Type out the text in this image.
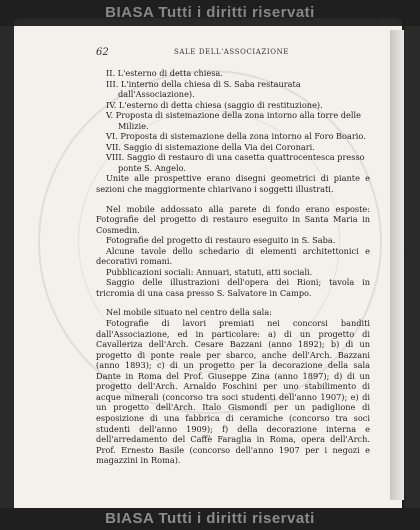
BIASA Tutti i diritti riservati
62	SALE DELL'ASSOCIAZIONE
II. L'esterno di detta chiesa.
III. L'interno della chiesa di S. Saba restaurata dall'Associazione).
IV. L'esterno di detta chiesa (saggio di restituzione).
V. Proposta di sistemazione della zona intorno alla torre delle Milizie.
VI. Proposta di sistemazione della zona intorno al Foro Boario.
VII. Saggio di sistemazione della Via dei Coronari.
VIII. Saggio di restauro di una casetta quattrocentesca presso ponte S. Angelo.
Unite alle prospettive erano disegni geometrici di piante e sezioni che maggiormente chiarivano i soggetti illustrati.
Nel mobile addossato alla parete di fondo erano esposte: Fotografie del progetto di restauro eseguito in Santa Maria in Cosmedin.
Fotografie del progetto di restauro eseguito in S. Saba.
Alcune tavole dello schedario di elementi architettonici e decorativi romani.
Pubblicazioni sociali: Annuari, statuti, atti sociali.
Saggio delle illustrazioni dell'opera dei Rioni; tavola in tricromia di una casa presso S. Salvatore in Campo.
Nel mobile situato nel centro della sala:
Fotografie di lavori premiati nei concorsi banditi dall'Associazione, ed in particolare: a) di un progetto di Cavalleriza dell'Arch. Cesare Bazzani (anno 1892); b) di un progetto di ponte reale per sbarco, anche dell'Arch. Bazzani (anno 1893); c) di un progetto per la decorazione della sala Dante in Roma del Prof. Giuseppe Zina (anno 1897); d) di un progetto dell'Arch. Arnaldo Foschini per uno stabilimento di acque minerali (concorso tra soci studenti dell'anno 1907); e) di un progetto dell'Arch. Italo Gismondi per un padiglione di esposizione di una fabbrica di ceramiche (concorso tra soci studenti dell'anno 1909); f) della decorazione interna e dell'arredamento del Caffè Faraglia in Roma, opera dell'Arch. Prof. Ernesto Basile (concorso dell'anno 1907 per i negozi e magazzini in Roma).
BIASA Tutti i diritti riservati
